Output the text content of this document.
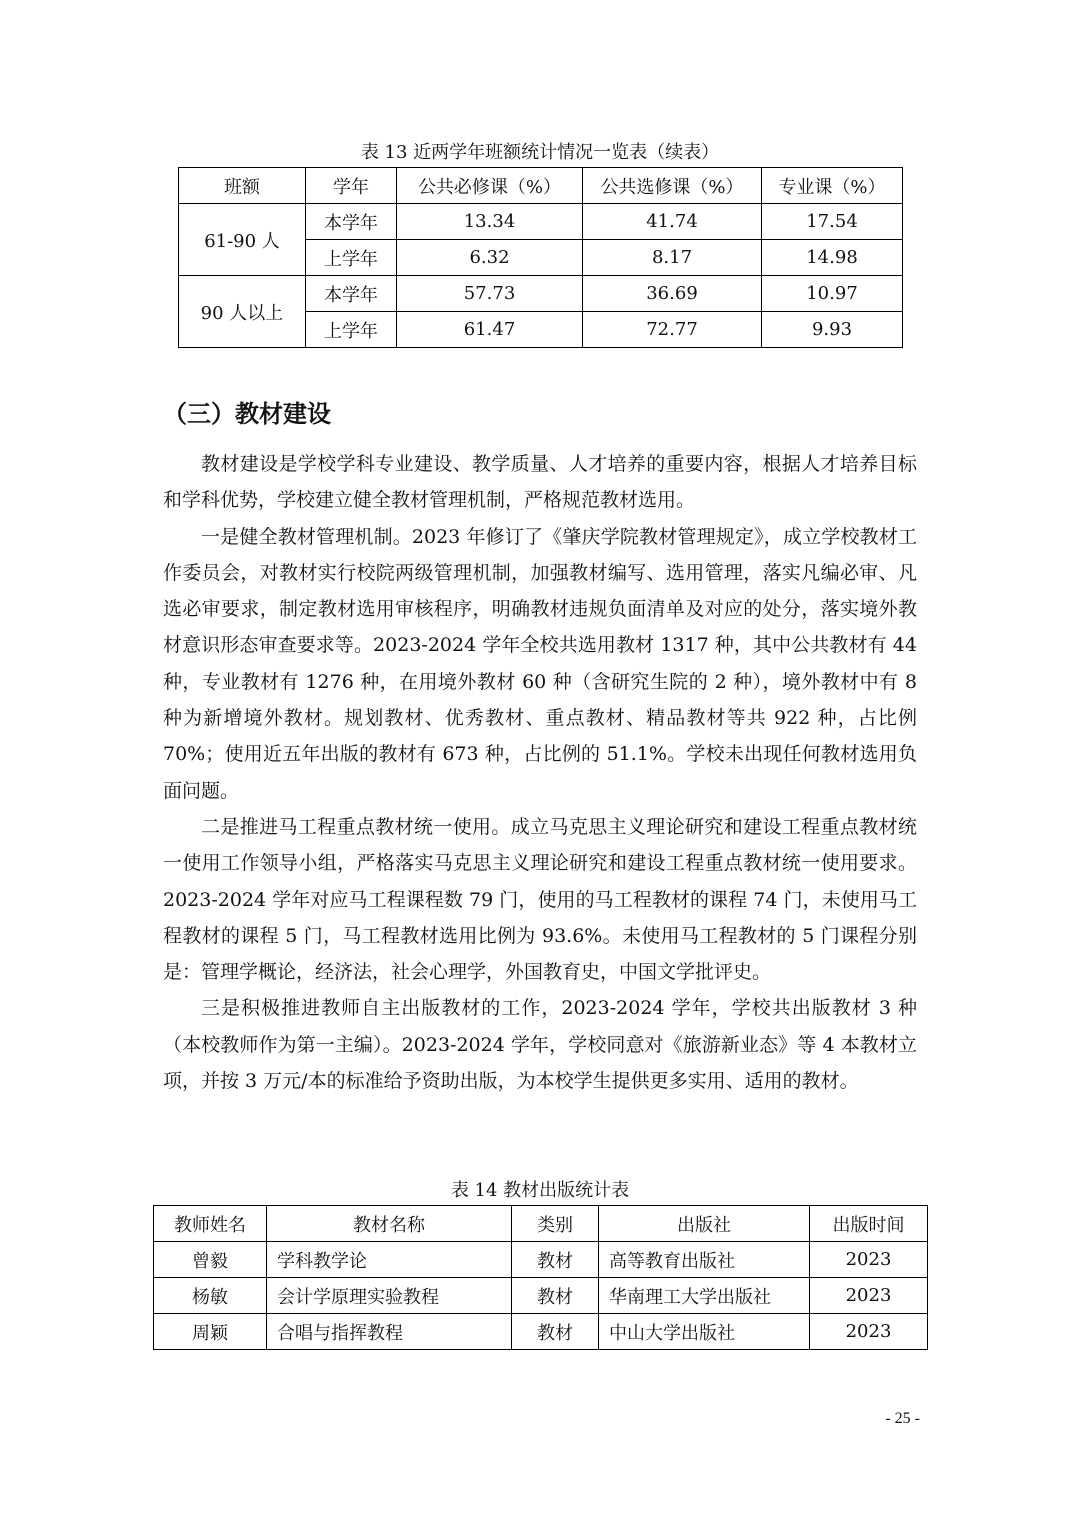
表 13 近两学年班额统计情况一览表（续表）
班额	学年	公共必修课（%）	公共选修课（%）	专业课（%）
61-90 人	本学年	13.34	41.74	17.54
	上学年	6.32	8.17	14.98
90 人以上	本学年	57.73	36.69	10.97
	上学年	61.47	72.77	9.93
（三）教材建设

教材建设是学校学科专业建设、教学质量、人才培养的重要内容，根据人才培养目标和学科优势，学校建立健全教材管理机制，严格规范教材选用。

一是健全教材管理机制。2023 年修订了《肇庆学院教材管理规定》，成立学校教材工作委员会，对教材实行校院两级管理机制，加强教材编写、选用管理，落实凡编必审、凡选必审要求，制定教材选用审核程序，明确教材违规负面清单及对应的处分，落实境外教材意识形态审查要求等。2023-2024 学年全校共选用教材 1317 种，其中公共教材有 44 种，专业教材有 1276 种，在用境外教材 60 种（含研究生院的 2 种），境外教材中有 8 种为新增境外教材。规划教材、优秀教材、重点教材、精品教材等共 922 种，占比例 70%；使用近五年出版的教材有 673 种，占比例的 51.1%。学校未出现任何教材选用负面问题。

二是推进马工程重点教材统一使用。成立马克思主义理论研究和建设工程重点教材统一使用工作领导小组，严格落实马克思主义理论研究和建设工程重点教材统一使用要求。2023-2024 学年对应马工程课程数 79 门，使用的马工程教材的课程 74 门，未使用马工程教材的课程 5 门，马工程教材选用比例为 93.6%。未使用马工程教材的 5 门课程分别是：管理学概论，经济法，社会心理学，外国教育史，中国文学批评史。

三是积极推进教师自主出版教材的工作，2023-2024 学年，学校共出版教材 3 种（本校教师作为第一主编）。2023-2024 学年，学校同意对《旅游新业态》等 4 本教材立项，并按 3 万元/本的标准给予资助出版，为本校学生提供更多实用、适用的教材。

表 14 教材出版统计表
教师姓名	教材名称	类别	出版社	出版时间
曾毅	学科教学论	教材	高等教育出版社	2023
杨敏	会计学原理实验教程	教材	华南理工大学出版社	2023
周颖	合唱与指挥教程	教材	中山大学出版社	2023
- 25 -
